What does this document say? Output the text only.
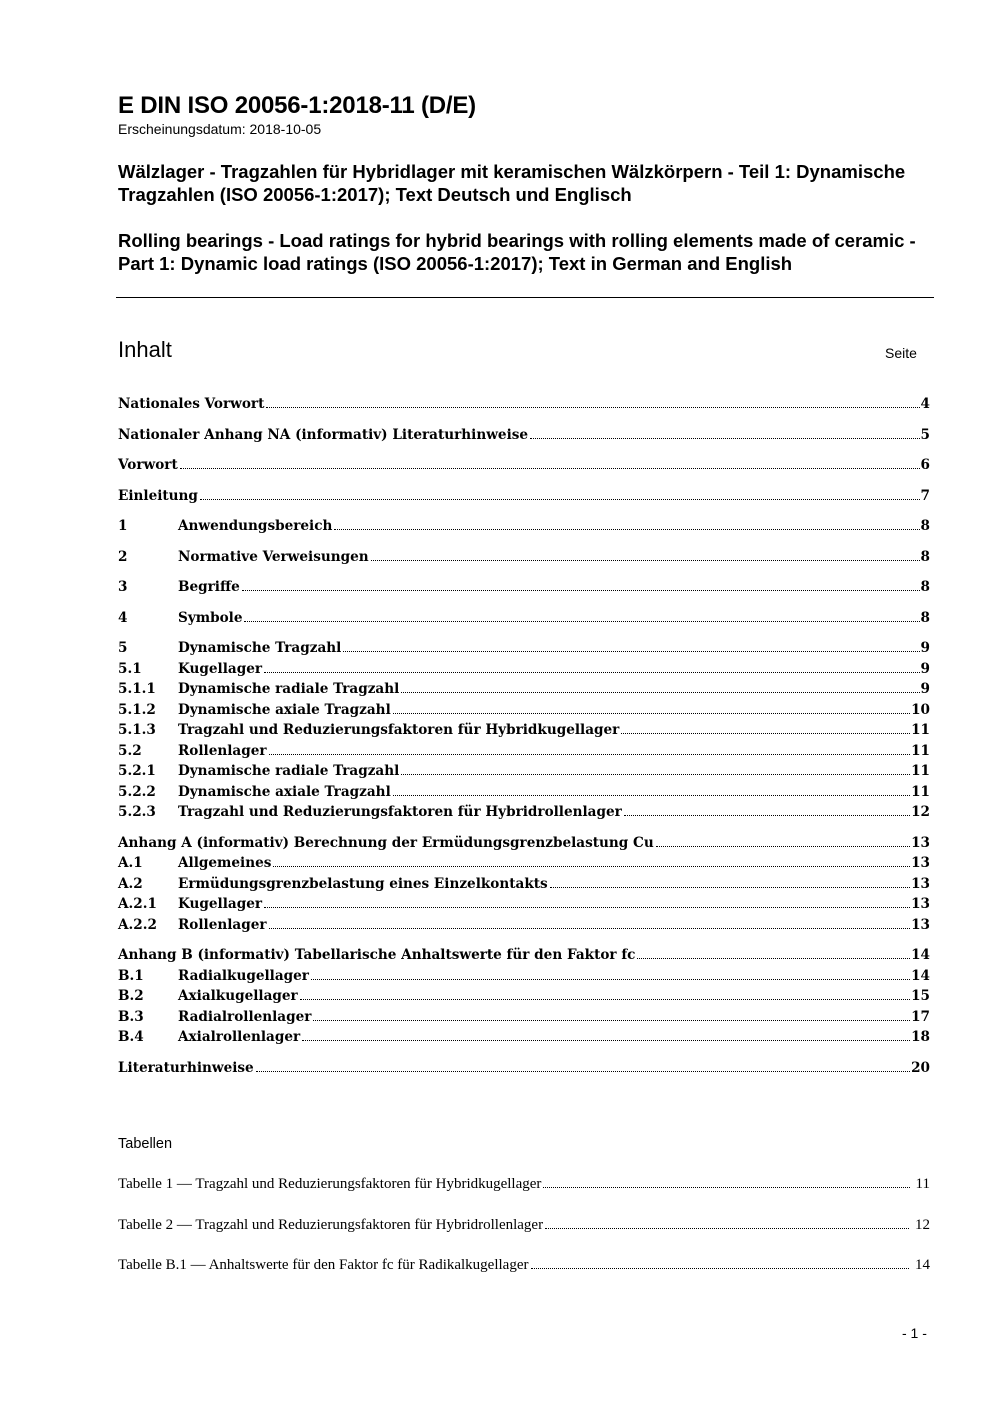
E DIN ISO 20056-1:2018-11 (D/E)
Erscheinungsdatum: 2018-10-05
Wälzlager - Tragzahlen für Hybridlager mit keramischen Wälzkörpern - Teil 1: Dynamische Tragzahlen (ISO 20056-1:2017); Text Deutsch und Englisch
Rolling bearings - Load ratings for hybrid bearings with rolling elements made of ceramic - Part 1: Dynamic load ratings (ISO 20056-1:2017); Text in German and English
Inhalt	Seite
Nationales Vorwort	4
Nationaler Anhang NA (informativ) Literaturhinweise	5
Vorwort	6
Einleitung	7
1	Anwendungsbereich	8
2	Normative Verweisungen	8
3	Begriffe	8
4	Symbole	8
5	Dynamische Tragzahl	9
5.1	Kugellager	9
5.1.1	Dynamische radiale Tragzahl	9
5.1.2	Dynamische axiale Tragzahl	10
5.1.3	Tragzahl und Reduzierungsfaktoren für Hybridkugellager	11
5.2	Rollenlager	11
5.2.1	Dynamische radiale Tragzahl	11
5.2.2	Dynamische axiale Tragzahl	11
5.2.3	Tragzahl und Reduzierungsfaktoren für Hybridrollenlager	12
Anhang A (informativ) Berechnung der Ermüdungsgrenzbelastung Cu	13
A.1	Allgemeines	13
A.2	Ermüdungsgrenzbelastung eines Einzelkontakts	13
A.2.1	Kugellager	13
A.2.2	Rollenlager	13
Anhang B (informativ) Tabellarische Anhaltswerte für den Faktor fc	14
B.1	Radialkugellager	14
B.2	Axialkugellager	15
B.3	Radialrollenlager	17
B.4	Axialrollenlager	18
Literaturhinweise	20
Tabellen
Tabelle 1 — Tragzahl und Reduzierungsfaktoren für Hybridkugellager	11
Tabelle 2 — Tragzahl und Reduzierungsfaktoren für Hybridrollenlager	12
Tabelle B.1 — Anhaltswerte für den Faktor fc für Radikalkugellager	14
- 1 -
